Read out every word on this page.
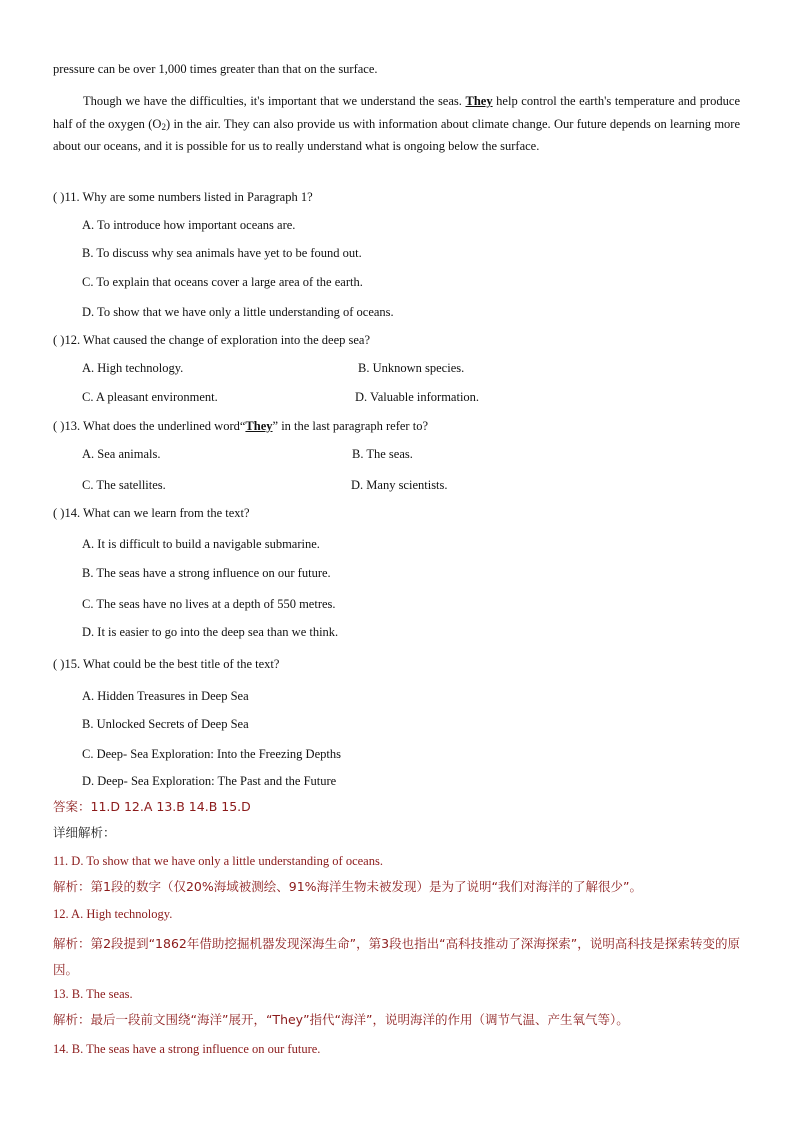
pressure can be over 1,000 times greater than that on the surface.
Though we have the difficulties, it's important that we understand the seas. They help control the earth's temperature and produce half of the oxygen $(O_2)$ in the air. They can also provide us with information about climate change. Our future depends on learning more about our oceans, and it is possible for us to really understand what is ongoing below the surface.
( )11. Why are some numbers listed in Paragraph 1?
A. To introduce how important oceans are.
B. To discuss why sea animals have yet to be found out.
C. To explain that oceans cover a large area of the earth.
D. To show that we have only a little understanding of oceans.
( )12. What caused the change of exploration into the deep sea?
A. High technology.	B. Unknown species.
C. A pleasant environment.	D. Valuable information.
( )13. What does the underlined word“They” in the last paragraph refer to?
A. Sea animals.	B. The seas.
C. The satellites.	D. Many scientists.
( )14. What can we learn from the text?
A. It is difficult to build a navigable submarine.
B. The seas have a strong influence on our future.
C. The seas have no lives at a depth of 550 metres.
D. It is easier to go into the deep sea than we think.
( )15. What could be the best title of the text?
A. Hidden Treasures in Deep Sea
B. Unlocked Secrets of Deep Sea
C. Deep- Sea Exploration: Into the Freezing Depths
D. Deep- Sea Exploration: The Past and the Future
答案：11.D 12.A 13.B 14.B 15.D
详细解析：
11. D. To show that we have only a little understanding of oceans.
解析：第1段的数字（仅20%海域被测绘、91%海洋生物未被发现）是为了说明“我们对海洋的了解很少”。
12. A. High technology.
解析：第2段提到“1862年借助挖掘机器发现深海生命”，第3段也指出“高科技推动了深海探索”，说明高科技是探索转变的原因。
13. B. The seas.
解析：最后一段前文围绕“海洋”展开，“They”指代“海洋”，说明海洋的作用（调节气温、产生氧气等）。
14. B. The seas have a strong influence on our future.
